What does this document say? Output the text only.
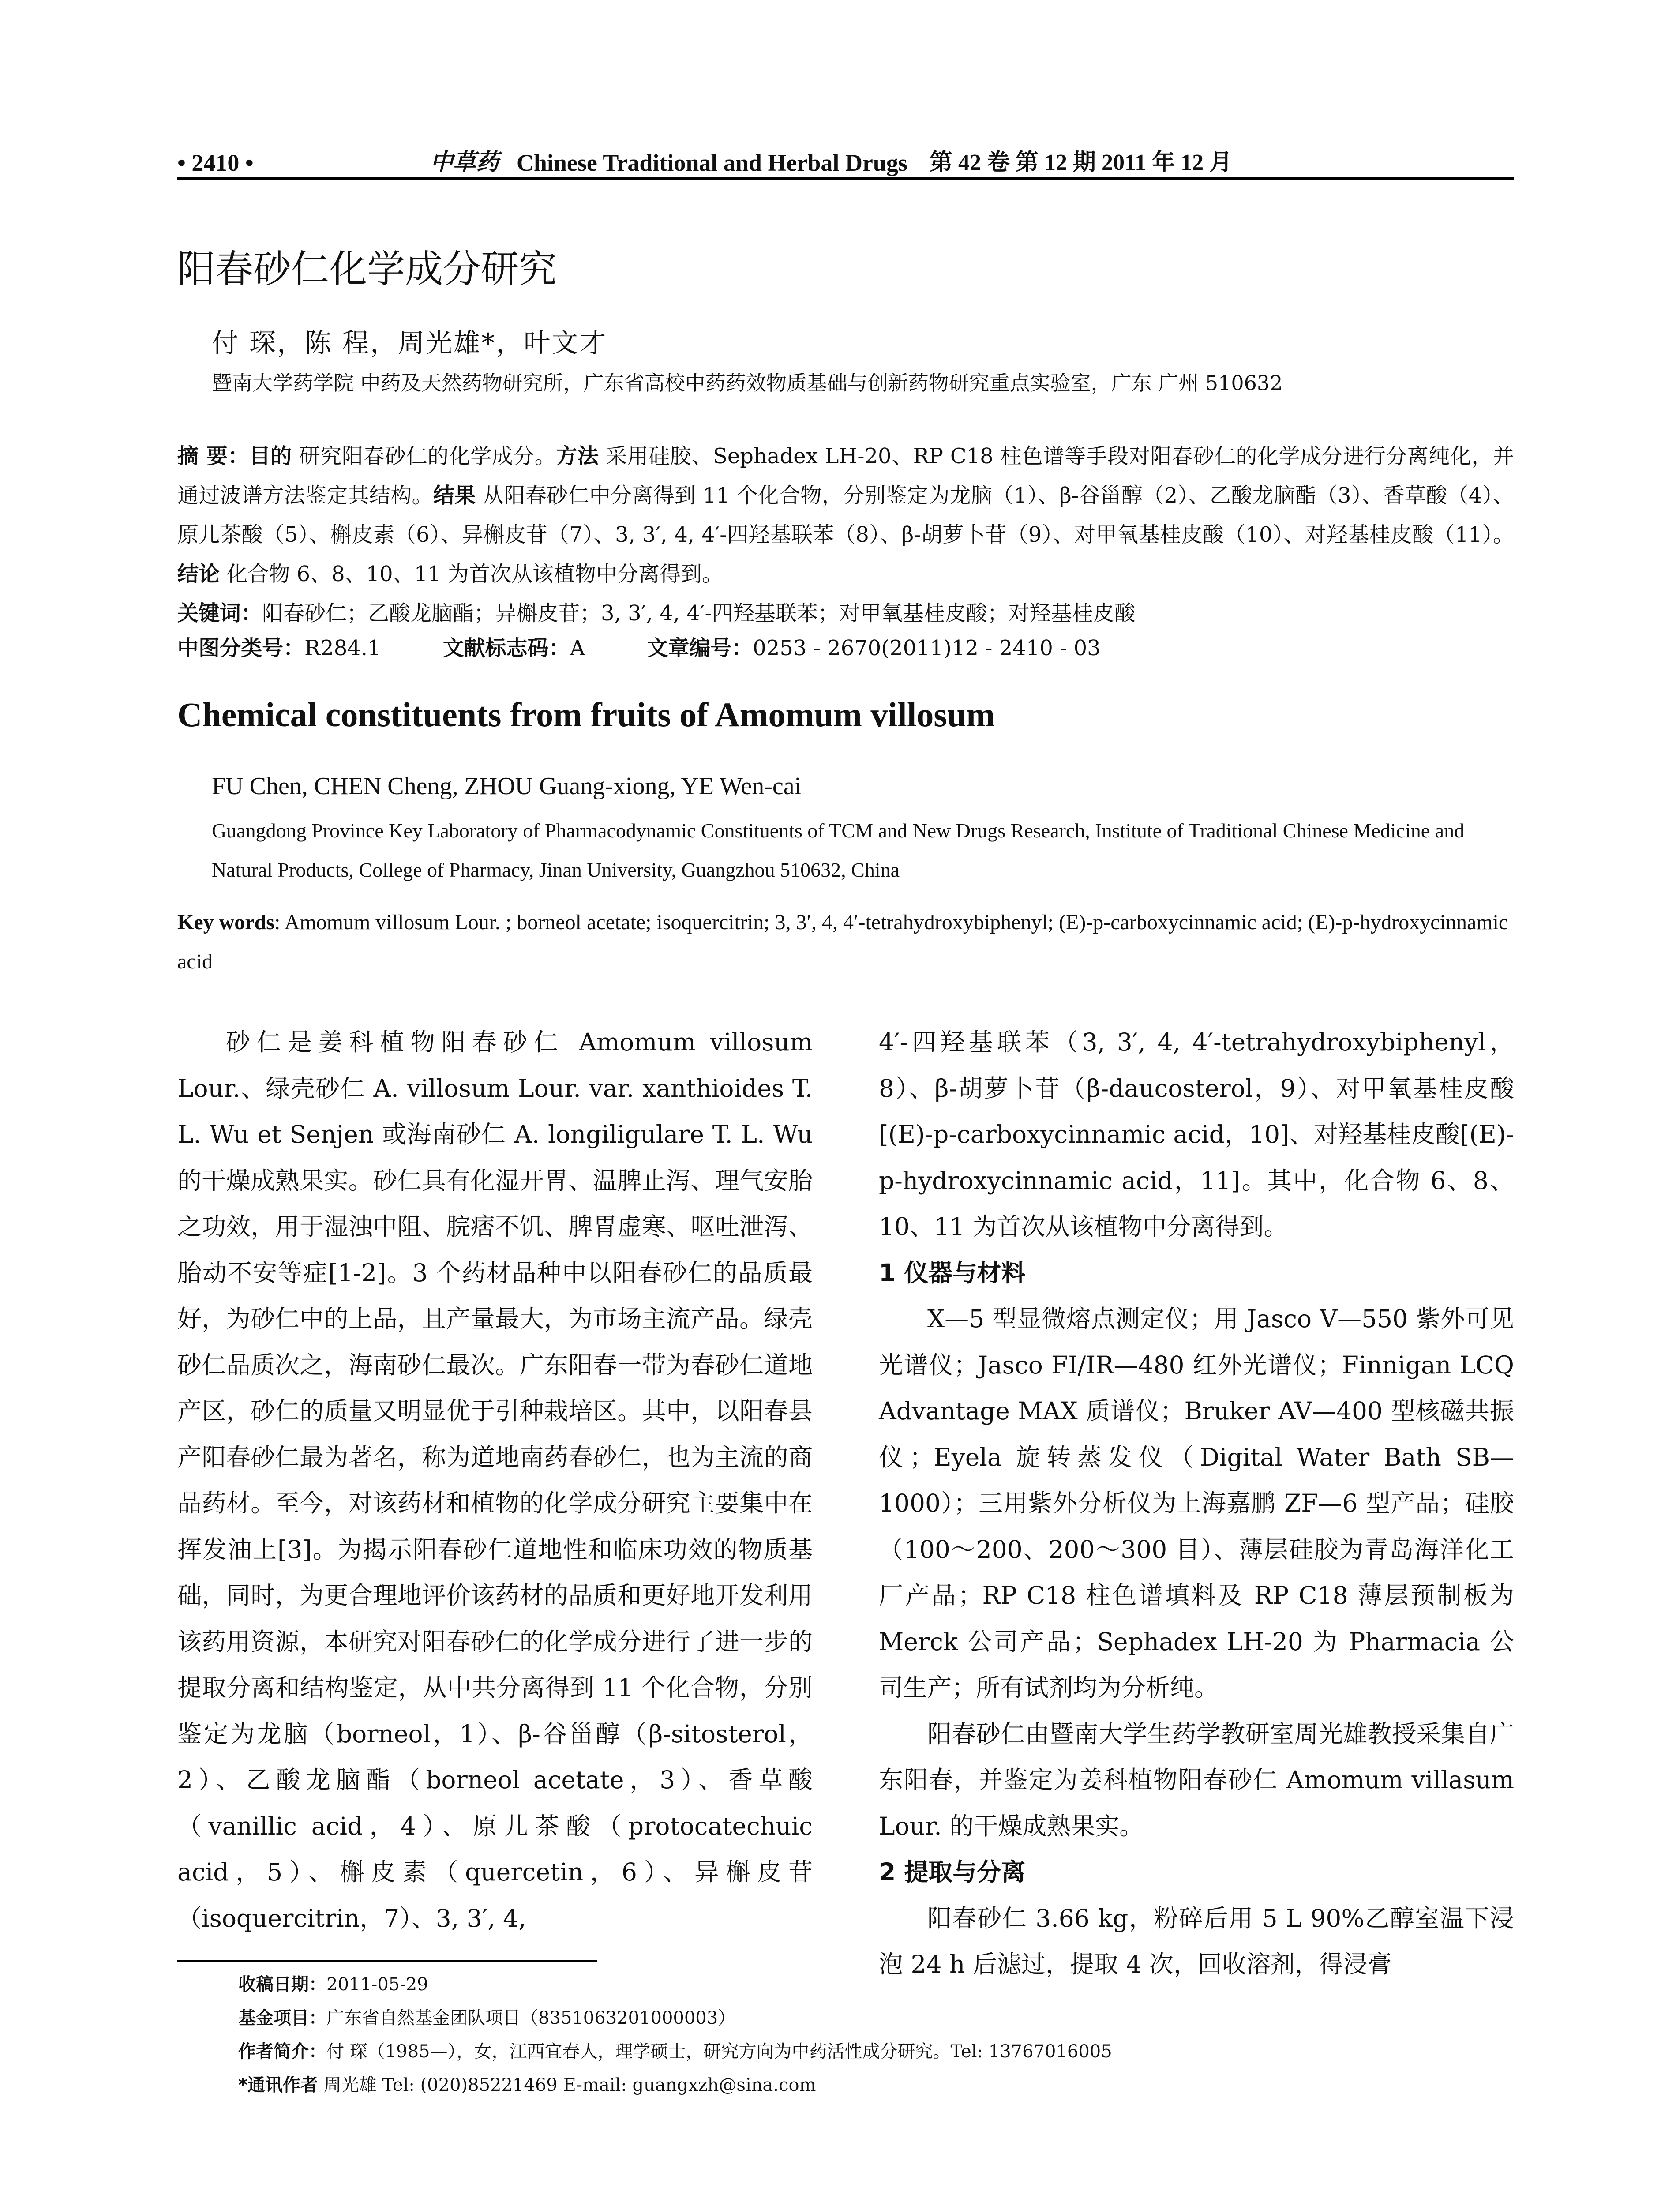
• 2410 •	中草药 Chinese Traditional and Herbal Drugs 第 42 卷 第 12 期 2011 年 12 月
阳春砂仁化学成分研究
付 琛，陈 程，周光雄*，叶文才
暨南大学药学院 中药及天然药物研究所，广东省高校中药药效物质基础与创新药物研究重点实验室，广东 广州 510632
摘 要：目的 研究阳春砂仁的化学成分。方法 采用硅胶、Sephadex LH-20、RP C18 柱色谱等手段对阳春砂仁的化学成分进行分离纯化，并通过波谱方法鉴定其结构。结果 从阳春砂仁中分离得到 11 个化合物，分别鉴定为龙脑（1）、β-谷甾醇（2）、乙酸龙脑酯（3）、香草酸（4）、原儿茶酸（5）、槲皮素（6）、异槲皮苷（7）、3, 3′, 4, 4′-四羟基联苯（8）、β-胡萝卜苷（9）、对甲氧基桂皮酸（10）、对羟基桂皮酸（11）。结论 化合物 6、8、10、11 为首次从该植物中分离得到。
关键词：阳春砂仁；乙酸龙脑酯；异槲皮苷；3, 3′, 4, 4′-四羟基联苯；对甲氧基桂皮酸；对羟基桂皮酸
中图分类号：R284.1	文献标志码：A	文章编号：0253 - 2670(2011)12 - 2410 - 03
Chemical constituents from fruits of Amomum villosum
FU Chen, CHEN Cheng, ZHOU Guang-xiong, YE Wen-cai
Guangdong Province Key Laboratory of Pharmacodynamic Constituents of TCM and New Drugs Research, Institute of Traditional Chinese Medicine and Natural Products, College of Pharmacy, Jinan University, Guangzhou 510632, China
Key words: Amomum villosum Lour. ; borneol acetate; isoquercitrin; 3, 3′, 4, 4′-tetrahydroxybiphenyl; (E)-p-carboxycinnamic acid; (E)-p-hydroxycinnamic acid

砂仁是姜科植物阳春砂仁 Amomum villosum Lour.、绿壳砂仁 A. villosum Lour. var. xanthioides T. L. Wu et Senjen 或海南砂仁 A. longiligulare T. L. Wu 的干燥成熟果实。砂仁具有化湿开胃、温脾止泻、理气安胎之功效，用于湿浊中阻、脘痞不饥、脾胃虚寒、呕吐泄泻、胎动不安等症[1-2]。3 个药材品种中以阳春砂仁的品质最好，为砂仁中的上品，且产量最大，为市场主流产品。绿壳砂仁品质次之，海南砂仁最次。广东阳春一带为春砂仁道地产区，砂仁的质量又明显优于引种栽培区。其中，以阳春县产阳春砂仁最为著名，称为道地南药春砂仁，也为主流的商品药材。至今，对该药材和植物的化学成分研究主要集中在挥发油上[3]。为揭示阳春砂仁道地性和临床功效的物质基础，同时，为更合理地评价该药材的品质和更好地开发利用该药用资源，本研究对阳春砂仁的化学成分进行了进一步的提取分离和结构鉴定，从中共分离得到 11 个化合物，分别鉴定为龙脑（borneol，1）、β-谷甾醇（β-sitosterol，2）、乙酸龙脑酯（borneol acetate，3）、香草酸（vanillic acid，4）、原儿茶酸（protocatechuic acid，5）、槲皮素（quercetin，6）、异槲皮苷（isoquercitrin，7）、3, 3′, 4,

4′-四羟基联苯（3, 3′, 4, 4′-tetrahydroxybiphenyl，8）、β-胡萝卜苷（β-daucosterol，9）、对甲氧基桂皮酸[(E)-p-carboxycinnamic acid，10]、对羟基桂皮酸[(E)-p-hydroxycinnamic acid，11]。其中，化合物 6、8、10、11 为首次从该植物中分离得到。

1 仪器与材料

X—5 型显微熔点测定仪；用 Jasco V—550 紫外可见光谱仪；Jasco FI/IR—480 红外光谱仪；Finnigan LCQ Advantage MAX 质谱仪；Bruker AV—400 型核磁共振仪；Eyela 旋转蒸发仪（Digital Water Bath SB—1000）；三用紫外分析仪为上海嘉鹏 ZF—6 型产品；硅胶（100～200、200～300 目）、薄层硅胶为青岛海洋化工厂产品；RP C18 柱色谱填料及 RP C18 薄层预制板为 Merck 公司产品；Sephadex LH-20 为 Pharmacia 公司生产；所有试剂均为分析纯。

阳春砂仁由暨南大学生药学教研室周光雄教授采集自广东阳春，并鉴定为姜科植物阳春砂仁 Amomum villasum Lour. 的干燥成熟果实。

2 提取与分离

阳春砂仁 3.66 kg，粉碎后用 5 L 90%乙醇室温下浸泡 24 h 后滤过，提取 4 次，回收溶剂，得浸膏

收稿日期：2011-05-29
基金项目：广东省自然基金团队项目（8351063201000003）
作者简介：付 琛（1985—），女，江西宜春人，理学硕士，研究方向为中药活性成分研究。Tel: 13767016005
*通讯作者 周光雄 Tel: (020)85221469 E-mail: guangxzh@sina.com
